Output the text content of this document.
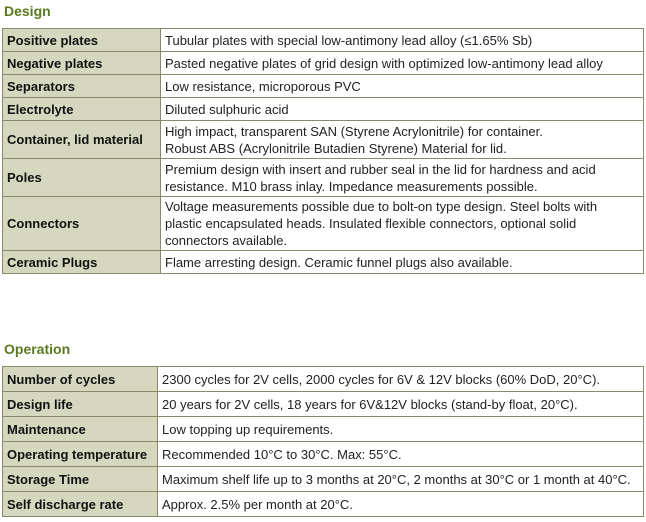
Design
Positive plates	Tubular plates with special low-antimony lead alloy (≤1.65% Sb)

Negative plates	Pasted negative plates of grid design with optimized low-antimony lead alloy

Separators	Low resistance, microporous PVC

Electrolyte	Diluted sulphuric acid

Container, lid material	High impact, transparent SAN (Styrene Acrylonitrile) for container.
Robust ABS (Acrylonitrile Butadien Styrene) Material for lid.

Poles	Premium design with insert and rubber seal in the lid for hardness and acid
resistance. M10 brass inlay. Impedance measurements possible.

Connectors	Voltage measurements possible due to bolt-on type design. Steel bolts with
plastic encapsulated heads. Insulated flexible connectors, optional solid
connectors available.

Ceramic Plugs	Flame arresting design. Ceramic funnel plugs also available.
Operation
Number of cycles	2300 cycles for 2V cells, 2000 cycles for 6V & 12V blocks (60% DoD, 20°C).

Design life	20 years for 2V cells, 18 years for 6V&12V blocks (stand-by float, 20°C).

Maintenance	Low topping up requirements.

Operating temperature	Recommended 10°C to 30°C. Max: 55°C.

Storage Time	Maximum shelf life up to 3 months at 20°C, 2 months at 30°C or 1 month at 40°C.

Self discharge rate	Approx. 2.5% per month at 20°C.
